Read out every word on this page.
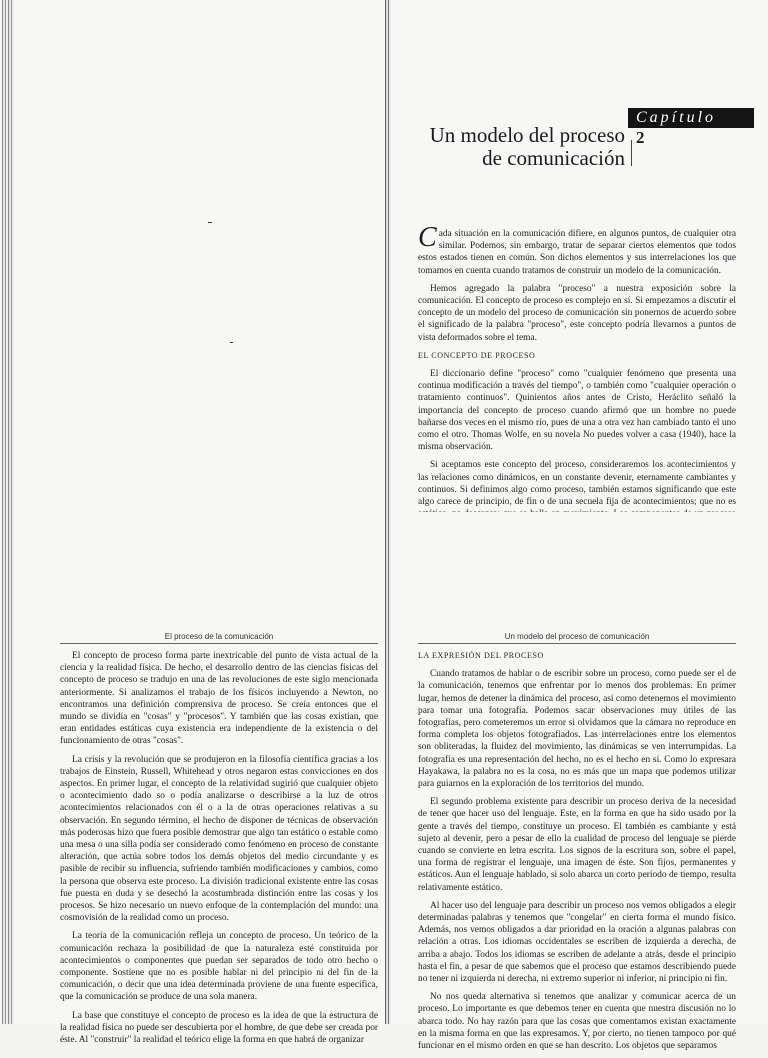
Capítulo
Un modelo del proceso
de comunicación
2

Cada situación en la comunicación difiere, en algunos puntos, de cualquier otra similar. Podemos, sin embargo, tratar de separar ciertos elementos que todos estos estados tienen en común. Son dichos elementos y sus interrelaciones los que tomamos en cuenta cuando tratamos de construir un modelo de la comunicación.

Hemos agregado la palabra "proceso" a nuestra exposición sobre la comunicación. El concepto de proceso es complejo en sí. Si empezamos a discutir el concepto de un modelo del proceso de comunicación sin ponernos de acuerdo sobre el significado de la palabra "proceso", este concepto podría llevarnos a puntos de vista deformados sobre el tema.

EL CONCEPTO DE PROCESO

El diccionario define "proceso" como "cualquier fenómeno que presenta una continua modificación a través del tiempo", o también como "cualquier operación o tratamiento continuos". Quinientos años antes de Cristo, Heráclito señaló la importancia del concepto de proceso cuando afirmó que un hombre no puede bañarse dos veces en el mismo río, pues de una a otra vez han cambiado tanto el uno como el otro. Thomas Wolfe, en su novela No puedes volver a casa (1940), hace la misma observación.

Si aceptamos este concepto del proceso, consideraremos los acontecimientos y las relaciones como dinámicos, en un constante devenir, eternamente cambiantes y continuos. Si definimos algo como proceso, también estamos significando que este algo carece de principio, de fin o de una secuela fija de acontecimientos; que no es

El proceso de la comunicación

El concepto de proceso forma parte inextricable del punto de vista actual de la ciencia y la realidad física. De hecho, el desarrollo dentro de las ciencias físicas del concepto de proceso se tradujo en una de las revoluciones de este siglo mencionada anteriormente. Si analizamos el trabajo de los físicos incluyendo a Newton, no encontramos una definición comprensiva de proceso. Se creía entonces que el mundo se dividía en "cosas" y "procesos". Y también que las cosas existían, que eran entidades estáticas cuya existencia era independiente de la existencia o del funcionamiento de otras "cosas".

La crisis y la revolución que se produjeron en la filosofía científica gracias a los trabajos de Einstein, Russell, Whitehead y otros negaron estas convicciones en dos aspectos. En primer lugar, el concepto de la relatividad sugirió que cualquier objeto o acontecimiento dado so o podía analizarse o describirse a la luz de otros acontecimientos relacionados con él o a la de otras operaciones relativas a su observación. En segundo término, el hecho de disponer de técnicas de observación más poderosas hizo que fuera posible demostrar que algo tan estático o estable como una mesa o una silla podía ser considerado como fenómeno en proceso de constante alteración, que actúa sobre todos los demás objetos del medio circundante y es pasible de recibir su influencia, sufriendo también modificaciones y cambios, como la persona que observa este proceso. La división tradicional existente entre las cosas fue puesta en duda y se desechó la acostumbrada distinción entre las cosas y los procesos. Se hizo necesario un nuevo enfoque de la contemplación del mundo: una cosmovisión de la realidad como un proceso.

La teoría de la comunicación refleja un concepto de proceso. Un teórico de la comunicación rechaza la posibilidad de que la naturaleza esté constituida por acontecimientos o componentes que puedan ser separados de todo otro hecho o componente. Sostiene que no es posible hablar ni del principio ni del fin de la comunicación, o decir que una idea determinada proviene de una fuente específica, que la comunicación se produce de una sola manera.

La base que constituye el concepto de proceso es la idea de que la estructura de la realidad física no puede ser descubierta por el hombre, de que debe ser creada por éste. Al "construir" la realidad el teórico elige la forma en que habrá de organizar

Un modelo del proceso de comunicación

LA EXPRESIÓN DEL PROCESO

Cuando tratamos de hablar o de escribir sobre un proceso, como puede ser el de la comunicación, tenemos que enfrentar por lo menos dos problemas. En primer lugar, hemos de detener la dinámica del proceso, así como detenemos el movimiento para tomar una fotografía. Podemos sacar observaciones muy útiles de las fotografías, pero cometeremos un error si olvidamos que la cámara no reproduce en forma completa los objetos fotografiados. Las interrelaciones entre los elementos son obliteradas, la fluidez del movimiento, las dinámicas se ven interrumpidas. La fotografía es una representación del hecho, no es el hecho en sí. Como lo expresara Hayakawa, la palabra no es la cosa, no es más que un mapa que podemos utilizar para guiarnos en la exploración de los territorios del mundo.

El segundo problema existente para describir un proceso deriva de la necesidad de tener que hacer uso del lenguaje. Este, en la forma en que ha sido usado por la gente a través del tiempo, constituye un proceso. El también es cambiante y está sujeto al devenir, pero a pesar de ello la cualidad de proceso del lenguaje se pierde cuando se convierte en letra escrita. Los signos de la escritura son, sobre el papel, una forma de registrar el lenguaje, una imagen de éste. Son fijos, permanentes y estáticos. Aun el lenguaje hablado, si solo abarca un corto período de tiempo, resulta relativamente estático.

Al hacer uso del lenguaje para describir un proceso nos vemos obligados a elegir determinadas palabras y tenemos que "congelar" en cierta forma el mundo físico. Además, nos vemos obligados a dar prioridad en la oración a algunas palabras con relación a otras. Los idiomas occidentales se escriben de izquierda a derecha, de arriba a abajo. Todos los idiomas se escriben de adelante a atrás, desde el principio hasta el fin, a pesar de que sabemos que el proceso que estamos describiendo puede no tener ni izquierda ni derecha, ni extremo superior ni inferior, ni principio ni fin.

No nos queda alternativa si tenemos que analizar y comunicar acerca de un proceso. Lo importante es que debemos tener en cuenta que nuestra discusión no lo abarca todo. No hay razón para que las cosas que comentamos existan exactamente en la misma forma en que las expresamos. Y, por cierto, no tienen tampoco por qué funcionar en el mismo orden en que se han descrito. Los objetos que separamos
